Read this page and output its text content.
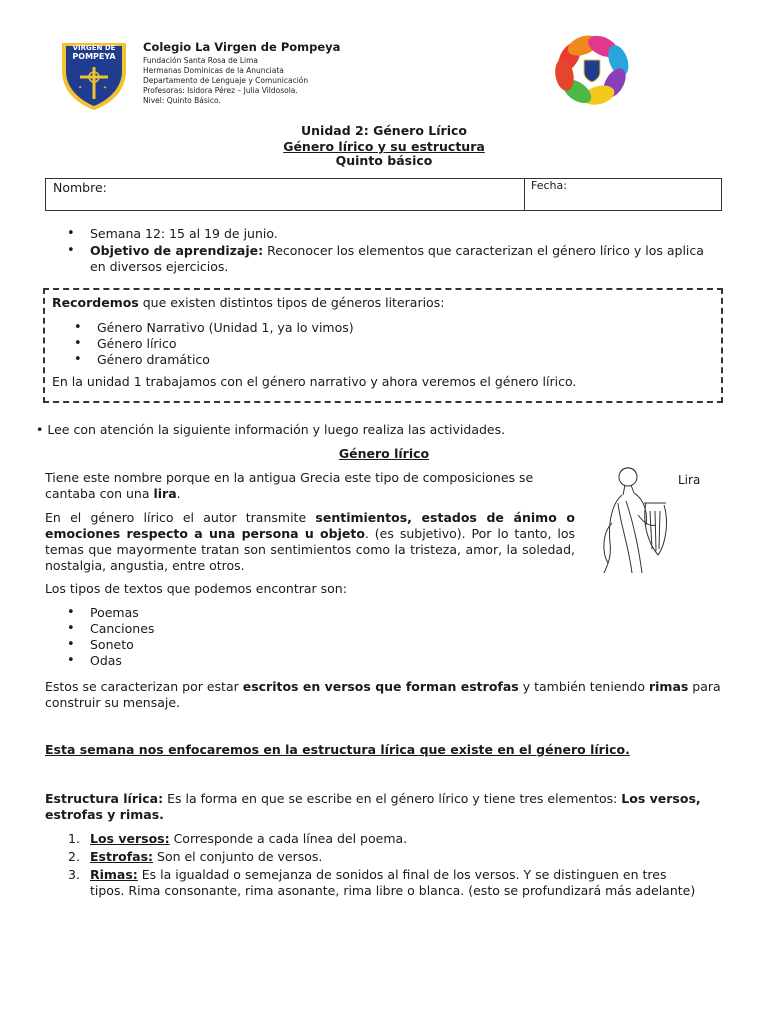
✦	✦
VIRGEN DE
POMPEYA
Colegio La Virgen de Pompeya
Fundación Santa Rosa de Lima
Hermanas Dominicas de la Anunciata
Departamento de Lenguaje y Comunicación
Profesoras: Isidora Pérez – Julia Vildosola.
Nivel: Quinto Básico.
Unidad 2: Género Lírico
Género lírico y su estructura
Quinto básico
Nombre:	Fecha:
• Semana 12: 15 al 19 de junio.
• Objetivo de aprendizaje: Reconocer los elementos que caracterizan el género lírico y los aplica en diversos ejercicios.
Recordemos que existen distintos tipos de géneros literarios:
• Género Narrativo (Unidad 1, ya lo vimos)
• Género lírico
• Género dramático
En la unidad 1 trabajamos con el género narrativo y ahora veremos el género lírico.
• Lee con atención la siguiente información y luego realiza las actividades.
Género lírico
Tiene este nombre porque en la antigua Grecia este tipo de composiciones se cantaba con una lira.
En el género lírico el autor transmite sentimientos, estados de ánimo o emociones respecto a una persona u objeto. (es subjetivo). Por lo tanto, los temas que mayormente tratan son sentimientos como la tristeza, amor, la soledad, nostalgia, angustia, entre otros.
Lira
Los tipos de textos que podemos encontrar son:
• Poemas
• Canciones
• Soneto
• Odas
Estos se caracterizan por estar escritos en versos que forman estrofas y también teniendo rimas para construir su mensaje.
Esta semana nos enfocaremos en la estructura lírica que existe en el género lírico.
Estructura lírica: Es la forma en que se escribe en el género lírico y tiene tres elementos: Los versos, estrofas y rimas.
1. Los versos: Corresponde a cada línea del poema.
2. Estrofas: Son el conjunto de versos.
3. Rimas: Es la igualdad o semejanza de sonidos al final de los versos. Y se distinguen en tres tipos. Rima consonante, rima asonante, rima libre o blanca. (esto se profundizará más adelante)
